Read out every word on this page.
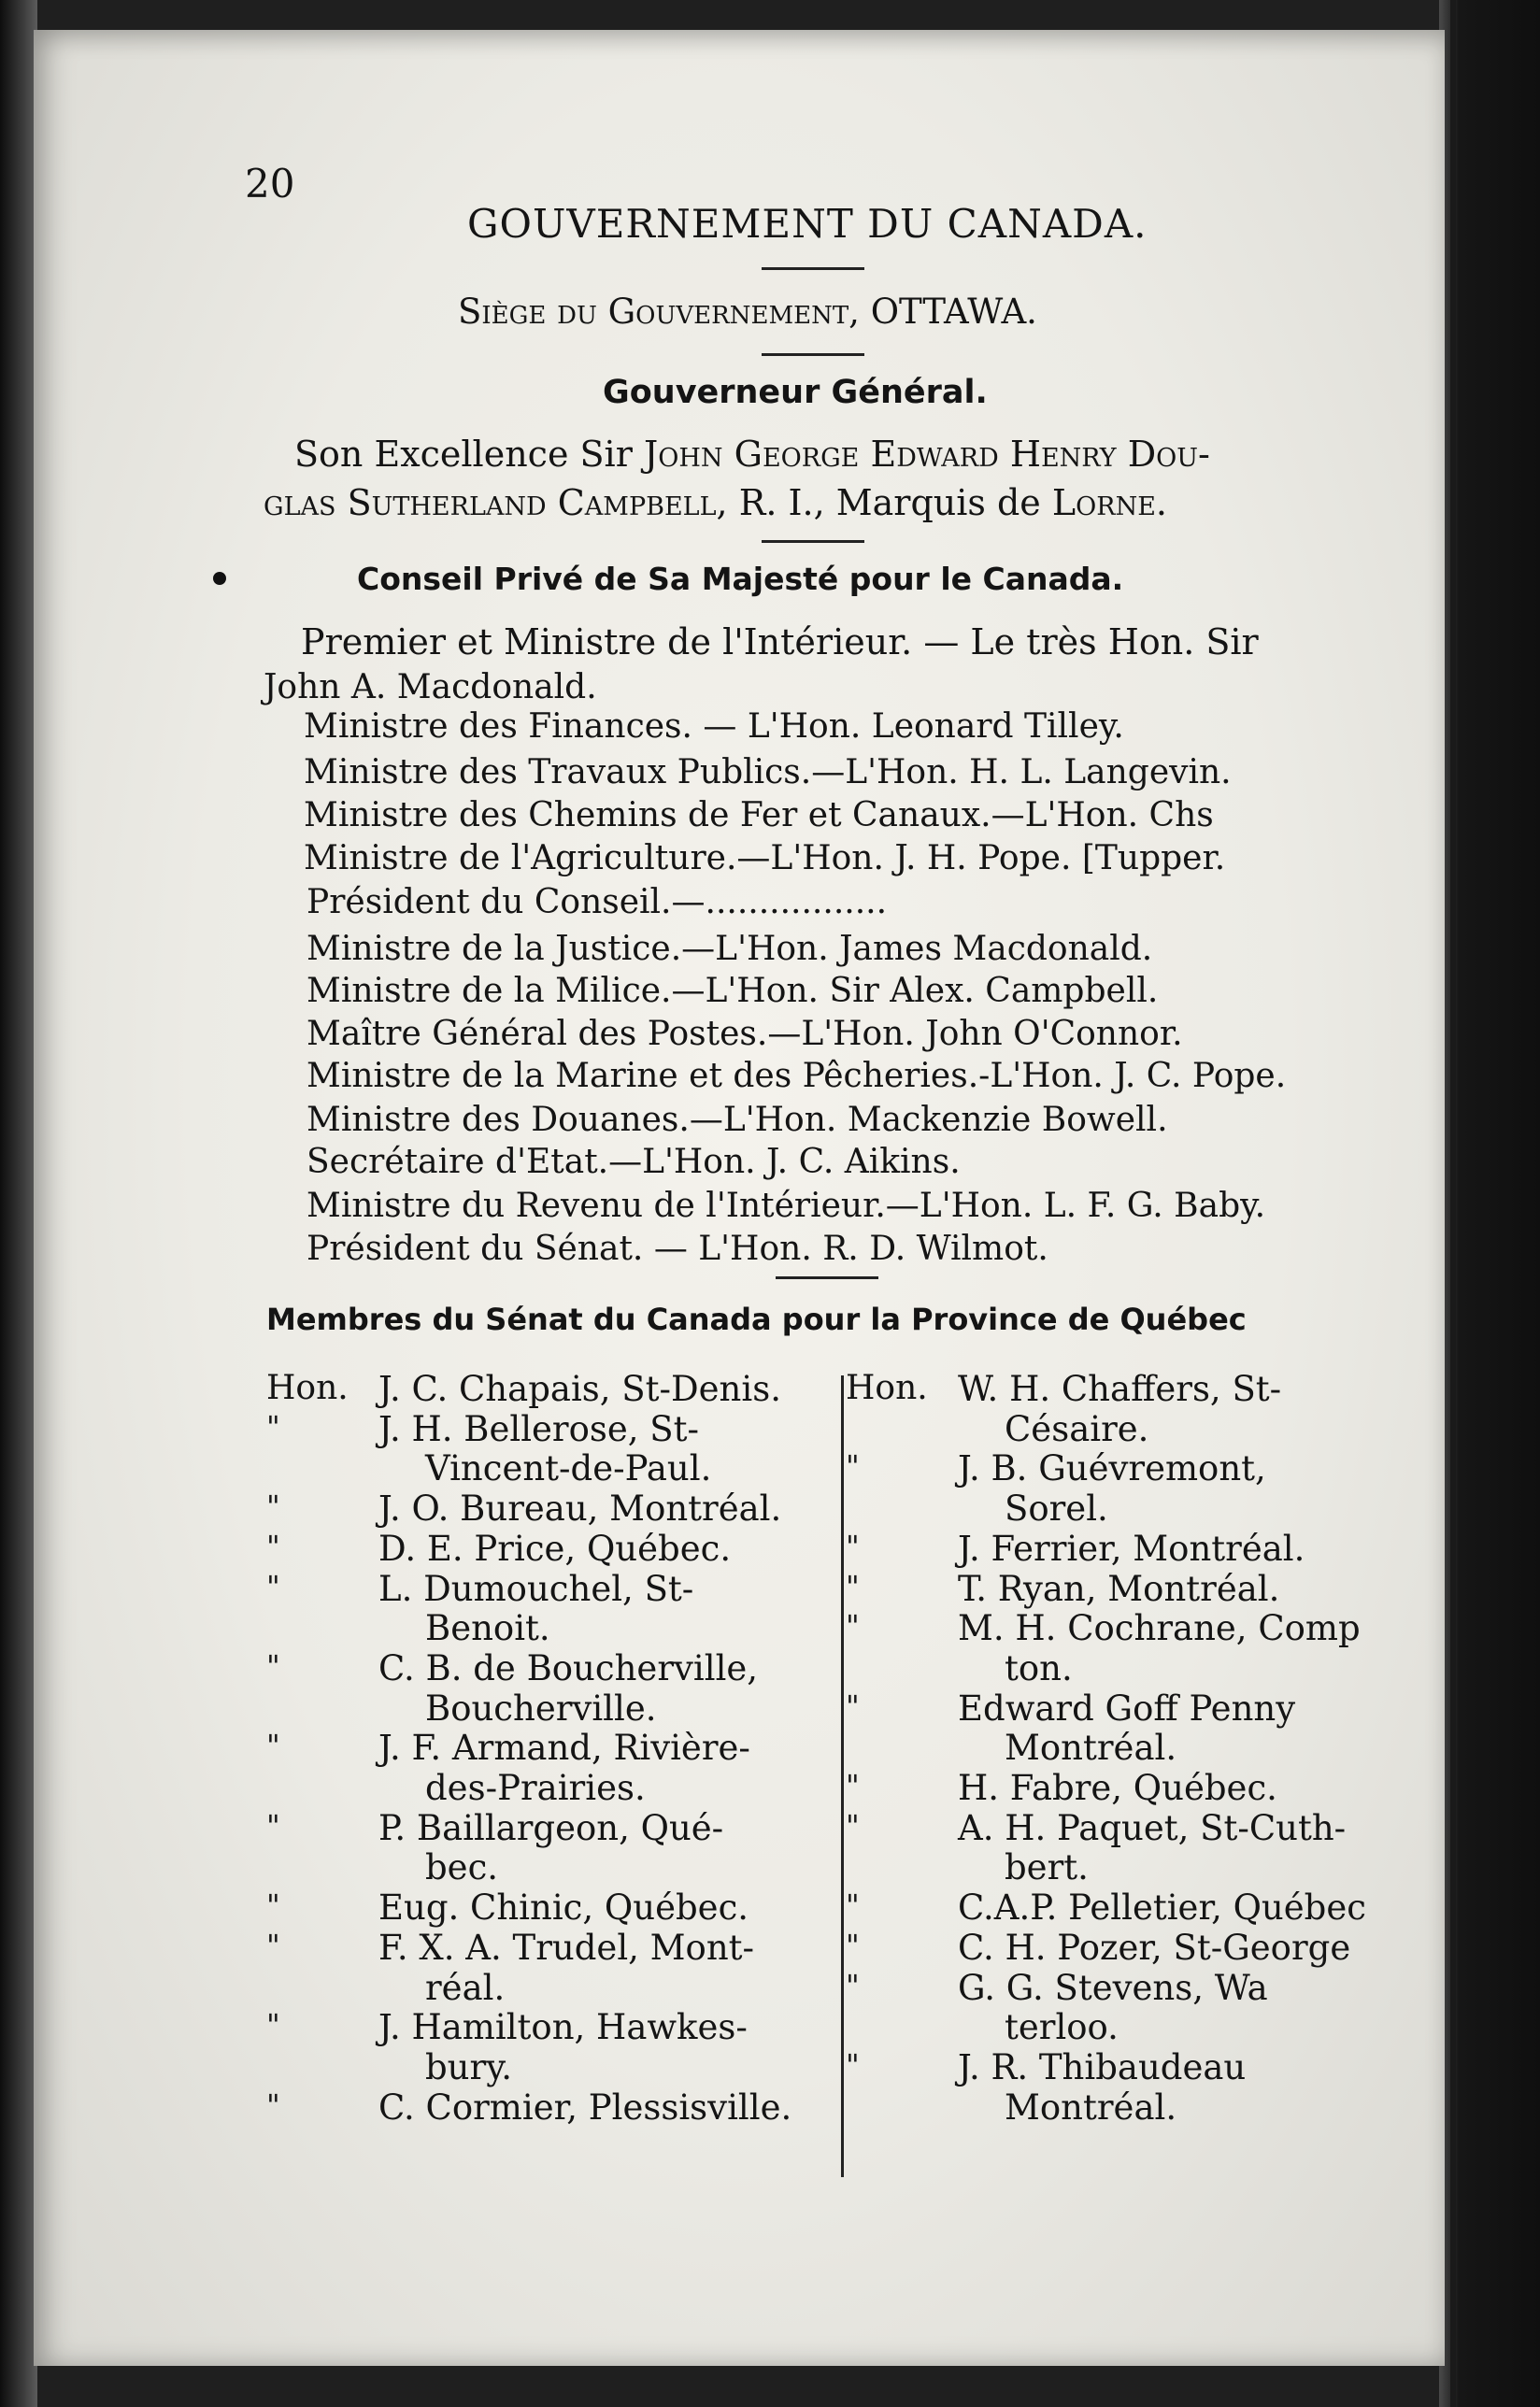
20
GOUVERNEMENT DU CANADA.
Siège du Gouvernement, OTTAWA.
Gouverneur Général.
Son Excellence Sir John George Edward Henry Dou-
glas Sutherland Campbell, R. I., Marquis de Lorne.
Conseil Privé de Sa Majesté pour le Canada.
Premier et Ministre de l'Intérieur. — Le très Hon. Sir
John A. Macdonald.
Ministre des Finances. — L'Hon. Leonard Tilley.
Ministre des Travaux Publics.—L'Hon. H. L. Langevin.
Ministre des Chemins de Fer et Canaux.—L'Hon. Chs
Ministre de l'Agriculture.—L'Hon. J. H. Pope. [Tupper.
Président du Conseil.—.................
Ministre de la Justice.—L'Hon. James Macdonald.
Ministre de la Milice.—L'Hon. Sir Alex. Campbell.
Maître Général des Postes.—L'Hon. John O'Connor.
Ministre de la Marine et des Pêcheries.-L'Hon. J. C. Pope.
Ministre des Douanes.—L'Hon. Mackenzie Bowell.
Secrétaire d'Etat.—L'Hon. J. C. Aikins.
Ministre du Revenu de l'Intérieur.—L'Hon. L. F. G. Baby.
Président du Sénat. — L'Hon. R. D. Wilmot.
Membres du Sénat du Canada pour la Province de Québec
Hon. J. C. Chapais, St-Denis.
"	J. H. Bellerose, St-
Vincent-de-Paul.
"	J. O. Bureau, Montréal.
"	D. E. Price, Québec.
"	L. Dumouchel, St-
Benoit.
"	C. B. de Boucherville,
Boucherville.
"	J. F. Armand, Rivière-
des-Prairies.
"	P. Baillargeon, Qué-
bec.
"	Eug. Chinic, Québec.
"	F. X. A. Trudel, Mont-
réal.
"	J. Hamilton, Hawkes-
bury.
"	C. Cormier, Plessisville.
Hon. W. H. Chaffers, St-
Césaire.
"	J. B. Guévremont,
Sorel.
"	J. Ferrier, Montréal.
"	T. Ryan, Montréal.
"	M. H. Cochrane, Comp
ton.
"	Edward Goff Penny
Montréal.
"	H. Fabre, Québec.
"	A. H. Paquet, St-Cuth-
bert.
"	C.A.P. Pelletier, Québec
"	C. H. Pozer, St-George
"	G. G. Stevens, Wa
terloo.
"	J. R. Thibaudeau
Montréal.
